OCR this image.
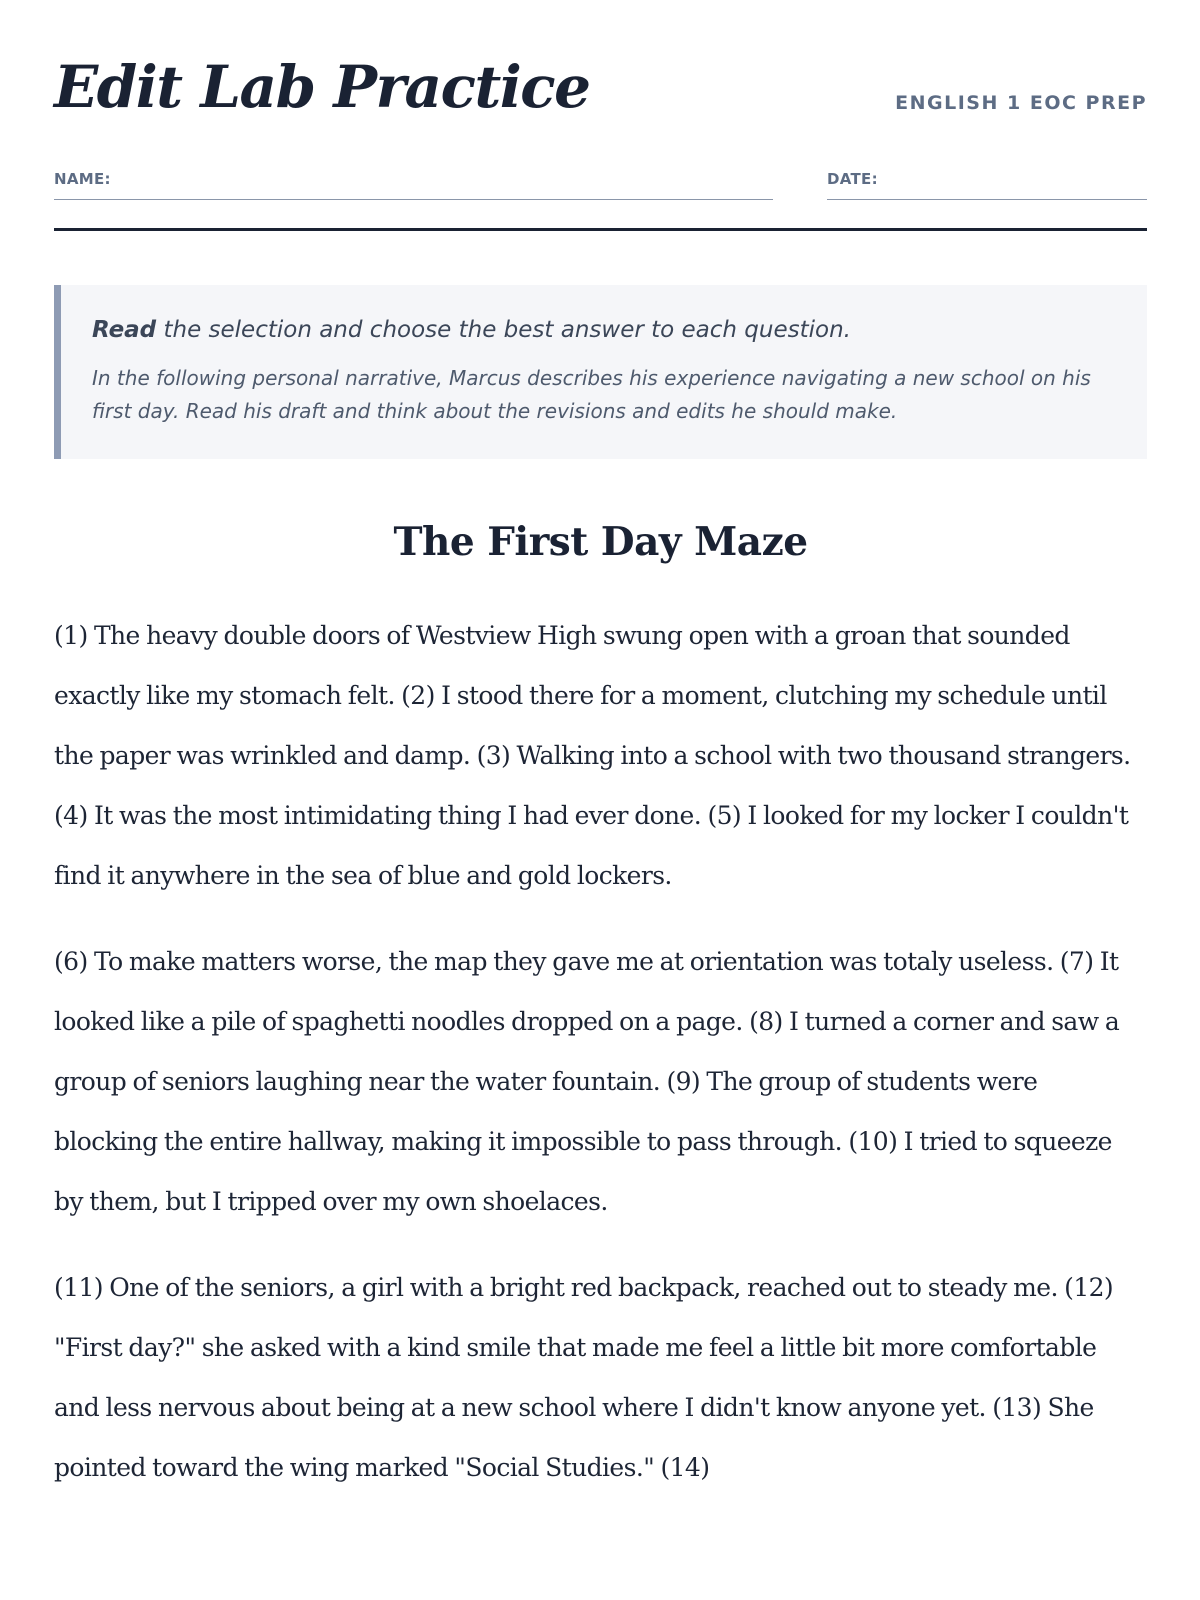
Edit Lab Practice	ENGLISH 1 EOC PREP
NAME:	DATE:

Read the selection and choose the best answer to each question.

In the following personal narrative, Marcus describes his experience navigating a new school on his first day. Read his draft and think about the revisions and edits he should make.

The First Day Maze

(1) The heavy double doors of Westview High swung open with a groan that sounded exactly like my stomach felt. (2) I stood there for a moment, clutching my schedule until the paper was wrinkled and damp. (3) Walking into a school with two thousand strangers. (4) It was the most intimidating thing I had ever done. (5) I looked for my locker I couldn't find it anywhere in the sea of blue and gold lockers.

(6) To make matters worse, the map they gave me at orientation was totaly useless. (7) It looked like a pile of spaghetti noodles dropped on a page. (8) I turned a corner and saw a group of seniors laughing near the water fountain. (9) The group of students were blocking the entire hallway, making it impossible to pass through. (10) I tried to squeeze by them, but I tripped over my own shoelaces.

(11) One of the seniors, a girl with a bright red backpack, reached out to steady me. (12) "First day?" she asked with a kind smile that made me feel a little bit more comfortable and less nervous about being at a new school where I didn't know anyone yet. (13) She pointed toward the wing marked "Social Studies." (14)
